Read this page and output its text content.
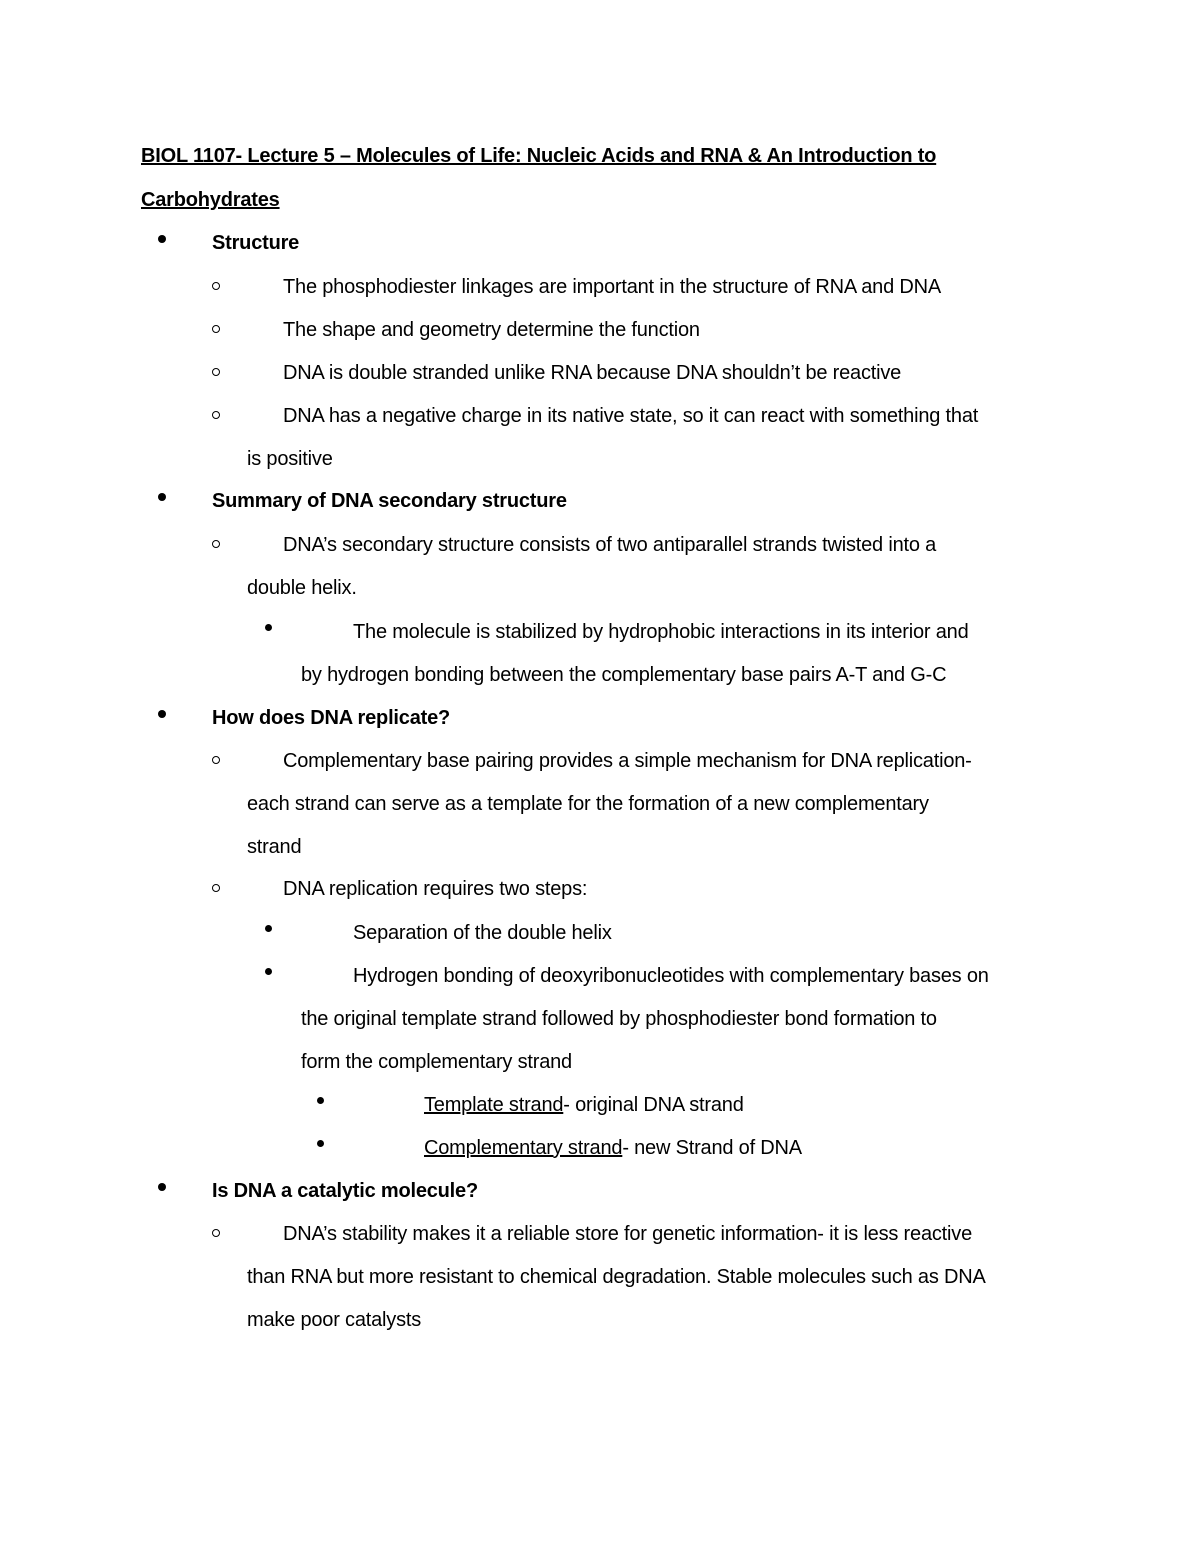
BIOL 1107- Lecture 5 – Molecules of Life: Nucleic Acids and RNA & An Introduction to
Carbohydrates
Structure
The phosphodiester linkages are important in the structure of RNA and DNA
The shape and geometry determine the function
DNA is double stranded unlike RNA because DNA shouldn’t be reactive
DNA has a negative charge in its native state, so it can react with something that
is positive
Summary of DNA secondary structure
DNA’s secondary structure consists of two antiparallel strands twisted into a
double helix.
The molecule is stabilized by hydrophobic interactions in its interior and
by hydrogen bonding between the complementary base pairs A-T and G-C
How does DNA replicate?
Complementary base pairing provides a simple mechanism for DNA replication-
each strand can serve as a template for the formation of a new complementary
strand
DNA replication requires two steps:
Separation of the double helix
Hydrogen bonding of deoxyribonucleotides with complementary bases on
the original template strand followed by phosphodiester bond formation to
form the complementary strand
Template strand- original DNA strand
Complementary strand- new Strand of DNA
Is DNA a catalytic molecule?
DNA’s stability makes it a reliable store for genetic information- it is less reactive
than RNA but more resistant to chemical degradation. Stable molecules such as DNA
make poor catalysts
